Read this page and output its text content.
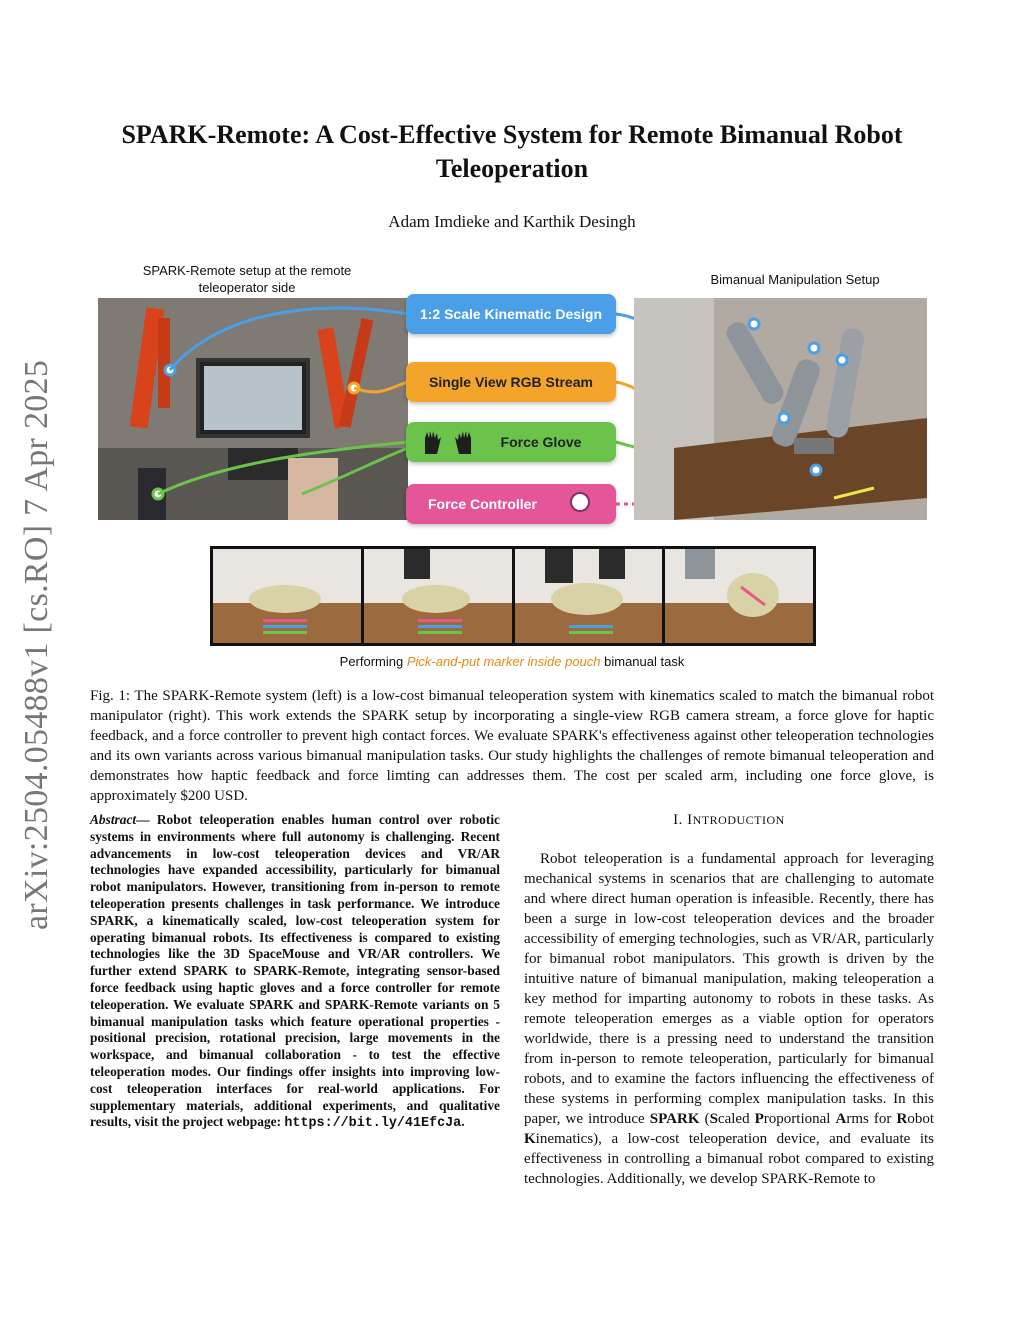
arXiv:2504.05488v1 [cs.RO] 7 Apr 2025
SPARK-Remote: A Cost-Effective System for Remote Bimanual Robot Teleoperation
Adam Imdieke and Karthik Desingh
SPARK-Remote setup at the remote teleoperator side
Bimanual Manipulation Setup
1:2 Scale Kinematic Design
Single View RGB Stream
Force Glove
Force Controller
Performing Pick-and-put marker inside pouch bimanual task
Fig. 1: The SPARK-Remote system (left) is a low-cost bimanual teleoperation system with kinematics scaled to match the bimanual robot manipulator (right). This work extends the SPARK setup by incorporating a single-view RGB camera stream, a force glove for haptic feedback, and a force controller to prevent high contact forces. We evaluate SPARK's effectiveness against other teleoperation technologies and its own variants across various bimanual manipulation tasks. Our study highlights the challenges of remote bimanual teleoperation and demonstrates how haptic feedback and force limting can addresses them. The cost per scaled arm, including one force glove, is approximately $200 USD.
Abstract— Robot teleoperation enables human control over robotic systems in environments where full autonomy is challenging. Recent advancements in low-cost teleoperation devices and VR/AR technologies have expanded accessibility, particularly for bimanual robot manipulators. However, transitioning from in-person to remote teleoperation presents challenges in task performance. We introduce SPARK, a kinematically scaled, low-cost teleoperation system for operating bimanual robots. Its effectiveness is compared to existing technologies like the 3D SpaceMouse and VR/AR controllers. We further extend SPARK to SPARK-Remote, integrating sensor-based force feedback using haptic gloves and a force controller for remote teleoperation. We evaluate SPARK and SPARK-Remote variants on 5 bimanual manipulation tasks which feature operational properties - positional precision, rotational precision, large movements in the workspace, and bimanual collaboration - to test the effective teleoperation modes. Our findings offer insights into improving low-cost teleoperation interfaces for real-world applications. For supplementary materials, additional experiments, and qualitative results, visit the project webpage: https://bit.ly/41EfcJa.
I. INTRODUCTION
Robot teleoperation is a fundamental approach for leveraging mechanical systems in scenarios that are challenging to automate and where direct human operation is infeasible. Recently, there has been a surge in low-cost teleoperation devices and the broader accessibility of emerging technologies, such as VR/AR, particularly for bimanual robot manipulators. This growth is driven by the intuitive nature of bimanual manipulation, making teleoperation a key method for imparting autonomy to robots in these tasks. As remote teleoperation emerges as a viable option for operators worldwide, there is a pressing need to understand the transition from in-person to remote teleoperation, particularly for bimanual robots, and to examine the factors influencing the effectiveness of these systems in performing complex manipulation tasks. In this paper, we introduce SPARK (Scaled Proportional Arms for Robot Kinematics), a low-cost teleoperation device, and evaluate its effectiveness in controlling a bimanual robot compared to existing technologies. Additionally, we develop SPARK-Remote to
